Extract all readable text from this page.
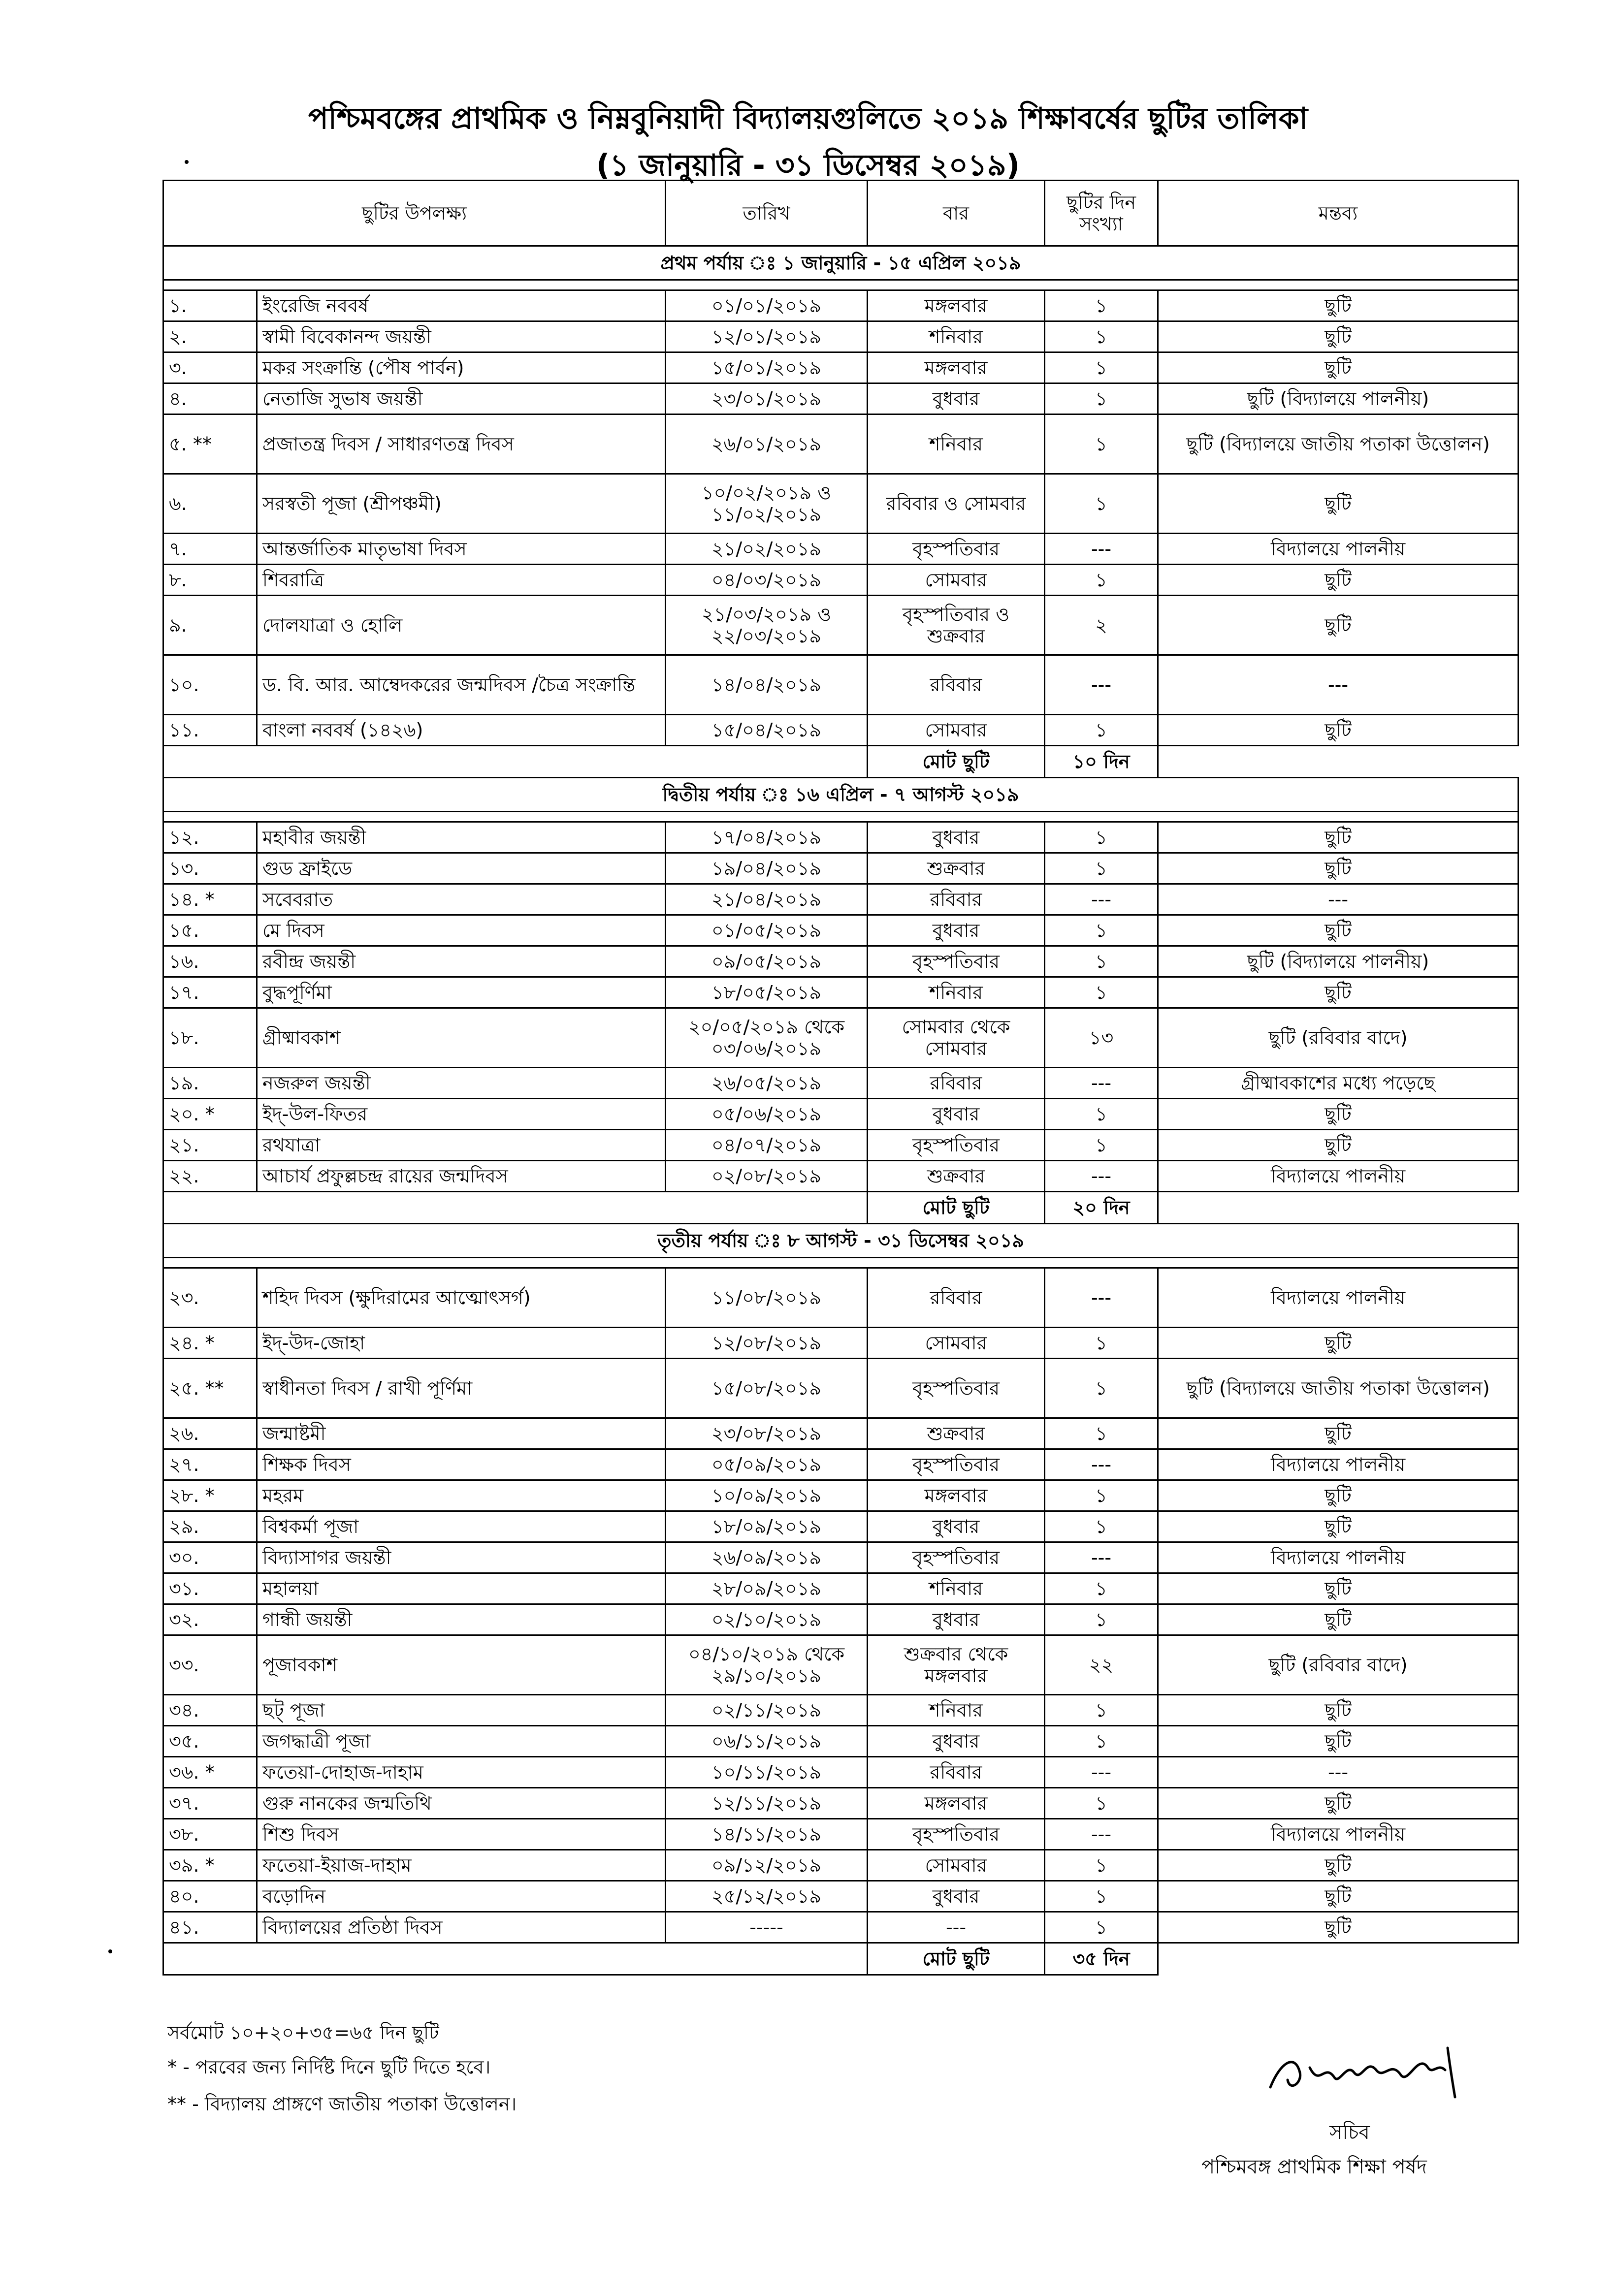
পশ্চিমবঙ্গের প্রাথমিক ও নিম্নবুনিয়াদী বিদ্যালয়গুলিতে ২০১৯ শিক্ষাবর্ষের ছুটির তালিকা
(১ জানুয়ারি - ৩১ ডিসেম্বর ২০১৯)
ছুটির উপলক্ষ্য		তারিখ	বার	ছুটির দিন সংখ্যা	মন্তব্য
প্রথম পর্যায় ঃ ১ জানুয়ারি - ১৫ এপ্রিল ২০১৯					

১.	ইংরেজি নববর্ষ	০১/০১/২০১৯	মঙ্গলবার	১	ছুটি
২.	স্বামী বিবেকানন্দ জয়ন্তী	১২/০১/২০১৯	শনিবার	১	ছুটি
৩.	মকর সংক্রান্তি (পৌষ পার্বন)	১৫/০১/২০১৯	মঙ্গলবার	১	ছুটি
৪.	নেতাজি সুভাষ জয়ন্তী	২৩/০১/২০১৯	বুধবার	১	ছুটি (বিদ্যালয়ে পালনীয়)
৫. **	প্রজাতন্ত্র দিবস / সাধারণতন্ত্র দিবস	২৬/০১/২০১৯	শনিবার	১	ছুটি (বিদ্যালয়ে জাতীয় পতাকা উত্তোলন)
৬.	সরস্বতী পূজা (শ্রীপঞ্চমী)	১০/০২/২০১৯ ও ১১/০২/২০১৯	রবিবার ও সোমবার	১	ছুটি
৭.	আন্তর্জাতিক মাতৃভাষা দিবস	২১/০২/২০১৯	বৃহস্পতিবার	---	বিদ্যালয়ে পালনীয়
৮.	শিবরাত্রি	০৪/০৩/২০১৯	সোমবার	১	ছুটি
৯.	দোলযাত্রা ও হোলি	২১/০৩/২০১৯ ও ২২/০৩/২০১৯	বৃহস্পতিবার ও শুক্রবার	২	ছুটি
১০.	ড. বি. আর. আম্বেদকরের জন্মদিবস /চৈত্র সংক্রান্তি	১৪/০৪/২০১৯	রবিবার	---	---
১১.	বাংলা নববর্ষ (১৪২৬)	১৫/০৪/২০১৯	সোমবার	১	ছুটি
			মোট ছুটি	১০ দিন	
দ্বিতীয় পর্যায় ঃ ১৬ এপ্রিল - ৭ আগস্ট ২০১৯					

১২.	মহাবীর জয়ন্তী	১৭/০৪/২০১৯	বুধবার	১	ছুটি
১৩.	গুড ফ্রাইডে	১৯/০৪/২০১৯	শুক্রবার	১	ছুটি
১৪. *	সবেবরাত	২১/০৪/২০১৯	রবিবার	---	---
১৫.	মে দিবস	০১/০৫/২০১৯	বুধবার	১	ছুটি
১৬.	রবীন্দ্র জয়ন্তী	০৯/০৫/২০১৯	বৃহস্পতিবার	১	ছুটি (বিদ্যালয়ে পালনীয়)
১৭.	বুদ্ধপূর্ণিমা	১৮/০৫/২০১৯	শনিবার	১	ছুটি
১৮.	গ্রীষ্মাবকাশ	২০/০৫/২০১৯ থেকে ০৩/০৬/২০১৯	সোমবার থেকে সোমবার	১৩	ছুটি (রবিবার বাদে)
১৯.	নজরুল জয়ন্তী	২৬/০৫/২০১৯	রবিবার	---	গ্রীষ্মাবকাশের মধ্যে পড়েছে
২০. *	ইদ্-উল-ফিতর	০৫/০৬/২০১৯	বুধবার	১	ছুটি
২১.	রথযাত্রা	০৪/০৭/২০১৯	বৃহস্পতিবার	১	ছুটি
২২.	আচার্য প্রফুল্লচন্দ্র রায়ের জন্মদিবস	০২/০৮/২০১৯	শুক্রবার	---	বিদ্যালয়ে পালনীয়
			মোট ছুটি	২০ দিন	
তৃতীয় পর্যায় ঃ ৮ আগস্ট - ৩১ ডিসেম্বর ২০১৯					

২৩.	শহিদ দিবস (ক্ষুদিরামের আত্মোৎসর্গ)	১১/০৮/২০১৯	রবিবার	---	বিদ্যালয়ে পালনীয়
২৪. *	ইদ্-উদ-জোহা	১২/০৮/২০১৯	সোমবার	১	ছুটি
২৫. **	স্বাধীনতা দিবস / রাখী পূর্ণিমা	১৫/০৮/২০১৯	বৃহস্পতিবার	১	ছুটি (বিদ্যালয়ে জাতীয় পতাকা উত্তোলন)
২৬.	জন্মাষ্টমী	২৩/০৮/২০১৯	শুক্রবার	১	ছুটি
২৭.	শিক্ষক দিবস	০৫/০৯/২০১৯	বৃহস্পতিবার	---	বিদ্যালয়ে পালনীয়
২৮. *	মহরম	১০/০৯/২০১৯	মঙ্গলবার	১	ছুটি
২৯.	বিশ্বকর্মা পূজা	১৮/০৯/২০১৯	বুধবার	১	ছুটি
৩০.	বিদ্যাসাগর জয়ন্তী	২৬/০৯/২০১৯	বৃহস্পতিবার	---	বিদ্যালয়ে পালনীয়
৩১.	মহালয়া	২৮/০৯/২০১৯	শনিবার	১	ছুটি
৩২.	গান্ধী জয়ন্তী	০২/১০/২০১৯	বুধবার	১	ছুটি
৩৩.	পূজাবকাশ	০৪/১০/২০১৯ থেকে ২৯/১০/২০১৯	শুক্রবার থেকে মঙ্গলবার	২২	ছুটি (রবিবার বাদে)
৩৪.	ছট্ পূজা	০২/১১/২০১৯	শনিবার	১	ছুটি
৩৫.	জগদ্ধাত্রী পূজা	০৬/১১/২০১৯	বুধবার	১	ছুটি
৩৬. *	ফতেয়া-দোহাজ-দাহাম	১০/১১/২০১৯	রবিবার	---	---
৩৭.	গুরু নানকের জন্মতিথি	১২/১১/২০১৯	মঙ্গলবার	১	ছুটি
৩৮.	শিশু দিবস	১৪/১১/২০১৯	বৃহস্পতিবার	---	বিদ্যালয়ে পালনীয়
৩৯. *	ফতেয়া-ইয়াজ-দাহাম	০৯/১২/২০১৯	সোমবার	১	ছুটি
৪০.	বড়োদিন	২৫/১২/২০১৯	বুধবার	১	ছুটি
৪১.	বিদ্যালয়ের প্রতিষ্ঠা দিবস	-----	---	১	ছুটি
			মোট ছুটি	৩৫ দিন	
সর্বমোট ১০+২০+৩৫=৬৫ দিন ছুটি
* - পরবের জন্য নির্দিষ্ট দিনে ছুটি দিতে হবে।
** - বিদ্যালয় প্রাঙ্গণে জাতীয় পতাকা উত্তোলন।
সচিব
পশ্চিমবঙ্গ প্রাথমিক শিক্ষা পর্ষদ
